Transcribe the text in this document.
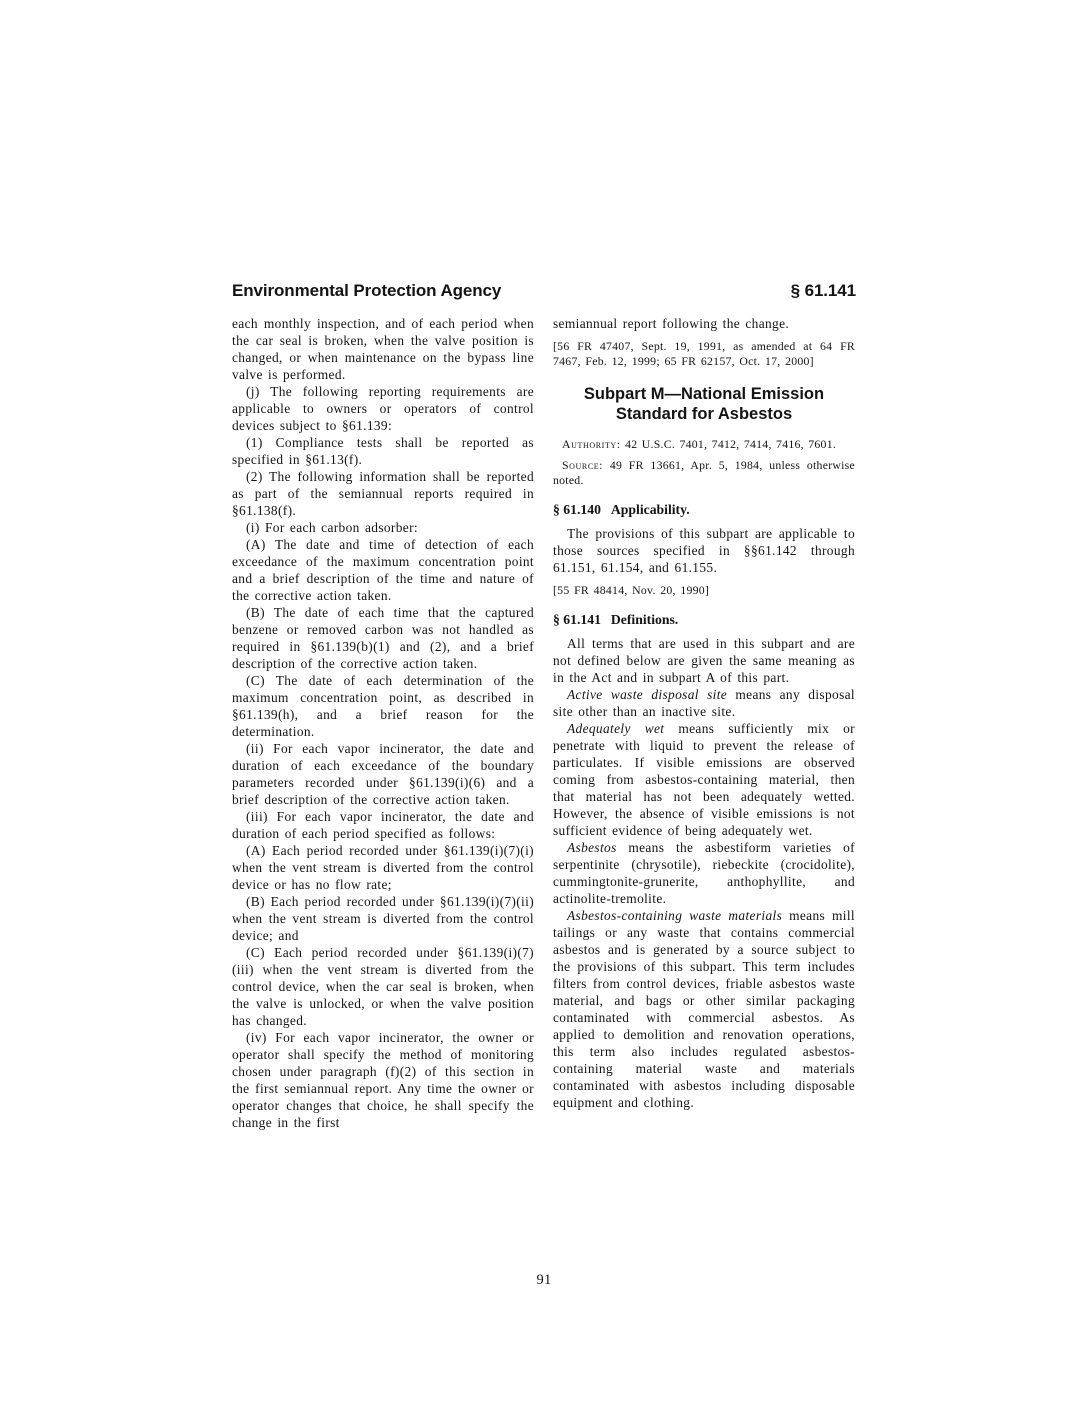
Environmental Protection Agency	§ 61.141

each monthly inspection, and of each period when the car seal is broken, when the valve position is changed, or when maintenance on the bypass line valve is performed.

(j) The following reporting requirements are applicable to owners or operators of control devices subject to §61.139:

(1) Compliance tests shall be reported as specified in §61.13(f).

(2) The following information shall be reported as part of the semiannual reports required in §61.138(f).

(i) For each carbon adsorber:

(A) The date and time of detection of each exceedance of the maximum concentration point and a brief description of the time and nature of the corrective action taken.

(B) The date of each time that the captured benzene or removed carbon was not handled as required in §61.139(b)(1) and (2), and a brief description of the corrective action taken.

(C) The date of each determination of the maximum concentration point, as described in §61.139(h), and a brief reason for the determination.

(ii) For each vapor incinerator, the date and duration of each exceedance of the boundary parameters recorded under §61.139(i)(6) and a brief description of the corrective action taken.

(iii) For each vapor incinerator, the date and duration of each period specified as follows:

(A) Each period recorded under §61.139(i)(7)(i) when the vent stream is diverted from the control device or has no flow rate;

(B) Each period recorded under §61.139(i)(7)(ii) when the vent stream is diverted from the control device; and

(C) Each period recorded under §61.139(i)(7)(iii) when the vent stream is diverted from the control device, when the car seal is broken, when the valve is unlocked, or when the valve position has changed.

(iv) For each vapor incinerator, the owner or operator shall specify the method of monitoring chosen under paragraph (f)(2) of this section in the first semiannual report. Any time the owner or operator changes that choice, he shall specify the change in the first

semiannual report following the change.

[56 FR 47407, Sept. 19, 1991, as amended at 64 FR 7467, Feb. 12, 1999; 65 FR 62157, Oct. 17, 2000]

Subpart M—National Emission Standard for Asbestos

Authority: 42 U.S.C. 7401, 7412, 7414, 7416, 7601.

Source: 49 FR 13661, Apr. 5, 1984, unless otherwise noted.

§ 61.140 Applicability.

The provisions of this subpart are applicable to those sources specified in §§61.142 through 61.151, 61.154, and 61.155.

[55 FR 48414, Nov. 20, 1990]

§ 61.141 Definitions.

All terms that are used in this subpart and are not defined below are given the same meaning as in the Act and in subpart A of this part.

Active waste disposal site means any disposal site other than an inactive site.

Adequately wet means sufficiently mix or penetrate with liquid to prevent the release of particulates. If visible emissions are observed coming from asbestos-containing material, then that material has not been adequately wetted. However, the absence of visible emissions is not sufficient evidence of being adequately wet.

Asbestos means the asbestiform varieties of serpentinite (chrysotile), riebeckite (crocidolite), cummingtonite-grunerite, anthophyllite, and actinolite-tremolite.

Asbestos-containing waste materials means mill tailings or any waste that contains commercial asbestos and is generated by a source subject to the provisions of this subpart. This term includes filters from control devices, friable asbestos waste material, and bags or other similar packaging contaminated with commercial asbestos. As applied to demolition and renovation operations, this term also includes regulated asbestos-containing material waste and materials contaminated with asbestos including disposable equipment and clothing.

91
